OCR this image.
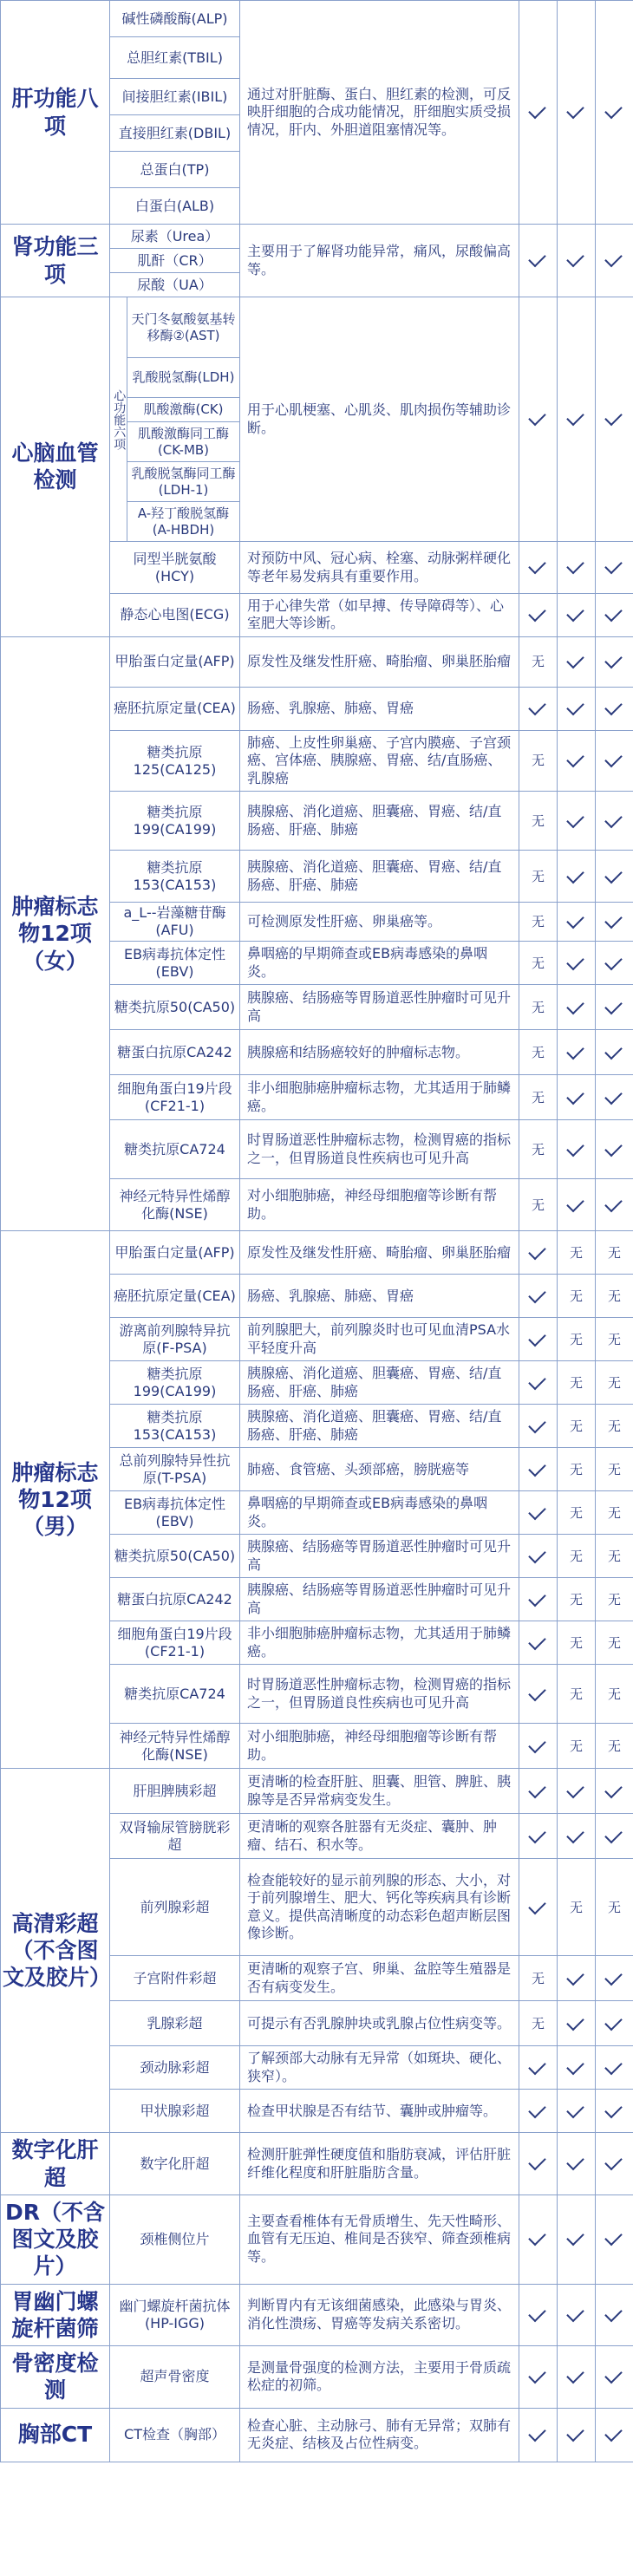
肝功能八项	碱性磷酸酶(ALP)		通过对肝脏酶、蛋白、胆红素的检测，可反映肝细胞的合成功能情况，肝细胞实质受损情况，肝内、外胆道阻塞情况等。			
	总胆红素(TBIL)					
	间接胆红素(IBIL)					
	直接胆红素(DBIL)					
	总蛋白(TP)					
	白蛋白(ALB)					
肾功能三项	尿素（Urea）		主要用于了解肾功能异常，痛风，尿酸偏高等。			
	肌酐（CR）					
	尿酸（UA）					
心脑血管检测	心功能六项	天门冬氨酸氨基转移酶②(AST)	用于心肌梗塞、心肌炎、肌肉损伤等辅助诊断。			
		乳酸脱氢酶(LDH)				
		肌酸激酶(CK)				
		肌酸激酶同工酶(CK-MB)				
		乳酸脱氢酶同工酶(LDH-1)				
		A-羟丁酸脱氢酶(A-HBDH)				
	同型半胱氨酸(HCY)		对预防中风、冠心病、栓塞、动脉粥样硬化等老年易发病具有重要作用。			
	静态心电图(ECG)		用于心律失常（如早搏、传导障碍等）、心室肥大等诊断。			
肿瘤标志物12项（女）	甲胎蛋白定量(AFP)		原发性及继发性肝癌、畸胎瘤、卵巢胚胎瘤	无		
	癌胚抗原定量(CEA)		肠癌、乳腺癌、肺癌、胃癌			
	糖类抗原125(CA125)		肺癌、上皮性卵巢癌、子宫内膜癌、子宫颈癌、宫体癌、胰腺癌、胃癌、结/直肠癌、乳腺癌	无		
	糖类抗原199(CA199)		胰腺癌、消化道癌、胆囊癌、胃癌、结/直肠癌、肝癌、肺癌	无		
	糖类抗原153(CA153)		胰腺癌、消化道癌、胆囊癌、胃癌、结/直肠癌、肝癌、肺癌	无		
	a_L--岩藻糖苷酶(AFU)		可检测原发性肝癌、卵巢癌等。	无		
	EB病毒抗体定性(EBV)		鼻咽癌的早期筛查或EB病毒感染的鼻咽炎。	无		
	糖类抗原50(CA50)		胰腺癌、结肠癌等胃肠道恶性肿瘤时可见升高	无		
	糖蛋白抗原CA242		胰腺癌和结肠癌较好的肿瘤标志物。	无		
	细胞角蛋白19片段(CF21-1)		非小细胞肺癌肿瘤标志物，尤其适用于肺鳞癌。	无		
	糖类抗原CA724		时胃肠道恶性肿瘤标志物，检测胃癌的指标之一，但胃肠道良性疾病也可见升高	无		
	神经元特异性烯醇化酶(NSE)		对小细胞肺癌，神经母细胞瘤等诊断有帮助。	无		
肿瘤标志物12项（男）	甲胎蛋白定量(AFP)		原发性及继发性肝癌、畸胎瘤、卵巢胚胎瘤		无	无
	癌胚抗原定量(CEA)		肠癌、乳腺癌、肺癌、胃癌		无	无
	游离前列腺特异抗原(F-PSA)		前列腺肥大，前列腺炎时也可见血清PSA水平轻度升高		无	无
	糖类抗原199(CA199)		胰腺癌、消化道癌、胆囊癌、胃癌、结/直肠癌、肝癌、肺癌		无	无
	糖类抗原153(CA153)		胰腺癌、消化道癌、胆囊癌、胃癌、结/直肠癌、肝癌、肺癌		无	无
	总前列腺特异性抗原(T-PSA)		肺癌、食管癌、头颈部癌，膀胱癌等		无	无
	EB病毒抗体定性(EBV)		鼻咽癌的早期筛查或EB病毒感染的鼻咽炎。		无	无
	糖类抗原50(CA50)		胰腺癌、结肠癌等胃肠道恶性肿瘤时可见升高		无	无
	糖蛋白抗原CA242		胰腺癌、结肠癌等胃肠道恶性肿瘤时可见升高		无	无
	细胞角蛋白19片段(CF21-1)		非小细胞肺癌肿瘤标志物，尤其适用于肺鳞癌。		无	无
	糖类抗原CA724		时胃肠道恶性肿瘤标志物，检测胃癌的指标之一，但胃肠道良性疾病也可见升高		无	无
	神经元特异性烯醇化酶(NSE)		对小细胞肺癌，神经母细胞瘤等诊断有帮助。		无	无
高清彩超（不含图文及胶片）	肝胆脾胰彩超		更清晰的检查肝脏、胆囊、胆管、脾脏、胰腺等是否异常病变发生。			
	双肾输尿管膀胱彩超		更清晰的观察各脏器有无炎症、囊肿、肿瘤、结石、积水等。			
	前列腺彩超		检查能较好的显示前列腺的形态、大小，对于前列腺增生、肥大、钙化等疾病具有诊断意义。提供高清晰度的动态彩色超声断层图像诊断。		无	无
	子宫附件彩超		更清晰的观察子宫、卵巢、盆腔等生殖器是否有病变发生。	无		
	乳腺彩超		可提示有否乳腺肿块或乳腺占位性病变等。	无		
	颈动脉彩超		了解颈部大动脉有无异常（如斑块、硬化、狭窄）。			
	甲状腺彩超		检查甲状腺是否有结节、囊肿或肿瘤等。			
数字化肝超	数字化肝超		检测肝脏弹性硬度值和脂肪衰减，评估肝脏纤维化程度和肝脏脂肪含量。			
DR（不含图文及胶片）	颈椎侧位片		主要查看椎体有无骨质增生、先天性畸形、血管有无压迫、椎间是否狭窄、筛查颈椎病等。			
胃幽门螺旋杆菌筛	幽门螺旋杆菌抗体(HP-IGG)		判断胃内有无该细菌感染，此感染与胃炎、消化性溃疡、胃癌等发病关系密切。			
骨密度检测	超声骨密度		是测量骨强度的检测方法，主要用于骨质疏松症的初筛。			
胸部CT	CT检查（胸部）		检查心脏、主动脉弓、肺有无异常；双肺有无炎症、结核及占位性病变。			
